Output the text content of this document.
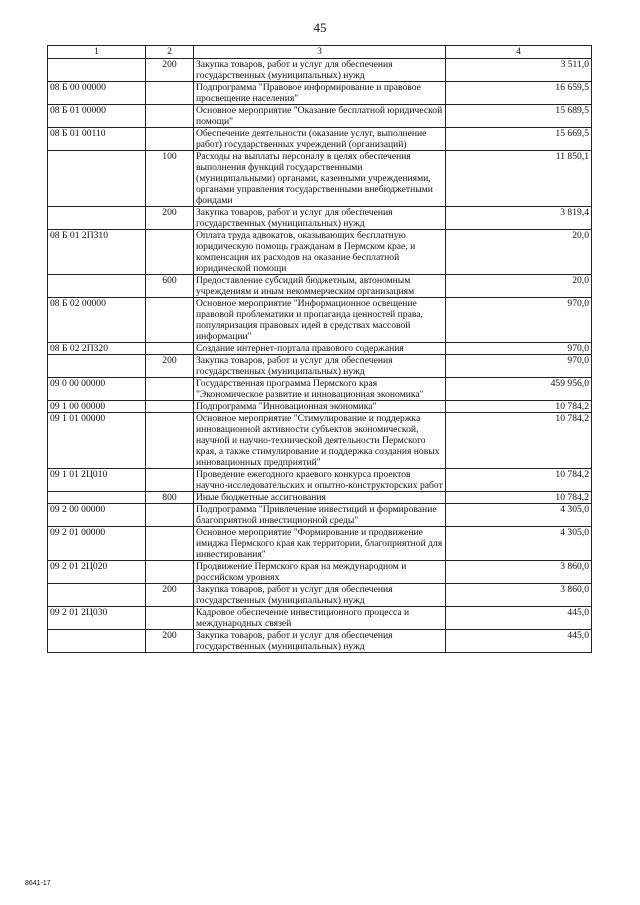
45
1	2	3	4
	200	Закупка товаров, работ и услуг для обеспечения государственных (муниципальных) нужд	3 511,0
08 Б 00 00000		Подпрограмма "Правовое информирование и правовое просвещение населения"	16 659,5
08 Б 01 00000		Основное мероприятие "Оказание бесплатной юридической помощи"	15 689,5
08 Б 01 00110		Обеспечение деятельности (оказание услуг, выполнение работ) государственных учреждений (организаций)	15 669,5
	100	Расходы на выплаты персоналу в целях обеспечения выполнения функций государственными (муниципальными) органами, казенными учреждениями, органами управления государственными внебюджетными фондами	11 850,1
	200	Закупка товаров, работ и услуг для обеспечения государственных (муниципальных) нужд	3 819,4
08 Б 01 2П310		Оплата труда адвокатов, оказывающих бесплатную юридическую помощь гражданам в Пермском крае, и компенсация их расходов на оказание бесплатной юридической помощи	20,0
	600	Предоставление субсидий бюджетным, автономным учреждениям и иным некоммерческим организациям	20,0
08 Б 02 00000		Основное мероприятие "Информационное освещение правовой проблематики и пропаганда ценностей права, популяризация правовых идей в средствах массовой информации"	970,0
08 Б 02 2П320		Создание интернет-портала правового содержания	970,0
	200	Закупка товаров, работ и услуг для обеспечения государственных (муниципальных) нужд	970,0
09 0 00 00000		Государственная программа Пермского края "Экономическое развитие и инновационная экономика"	459 956,0
09 1 00 00000		Подпрограмма "Инновационная экономика"	10 784,2
09 1 01 00000		Основное мероприятие "Стимулирование и поддержка инновационной активности субъектов экономической, научной и научно-технической деятельности Пермского края, а также стимулирование и поддержка создания новых инновационных предприятий"	10 784,2
09 1 01 2Ц010		Проведение ежегодного краевого конкурса проектов научно-исследовательских и опытно-конструкторских работ	10 784,2
	800	Иные бюджетные ассигнования	10 784,2
09 2 00 00000		Подпрограмма "Привлечение инвестиций и формирование благоприятной инвестиционной среды"	4 305,0
09 2 01 00000		Основное мероприятие "Формирование и продвижение имиджа Пермского края как территории, благоприятной для инвестирования"	4 305,0
09 2 01 2Ц020		Продвижение Пермского края на международном и российском уровнях	3 860,0
	200	Закупка товаров, работ и услуг для обеспечения государственных (муниципальных) нужд	3 860,0
09 2 01 2Ц030		Кадровое обеспечение инвестиционного процесса и международных связей	445,0
	200	Закупка товаров, работ и услуг для обеспечения государственных (муниципальных) нужд	445,0
8641-17
